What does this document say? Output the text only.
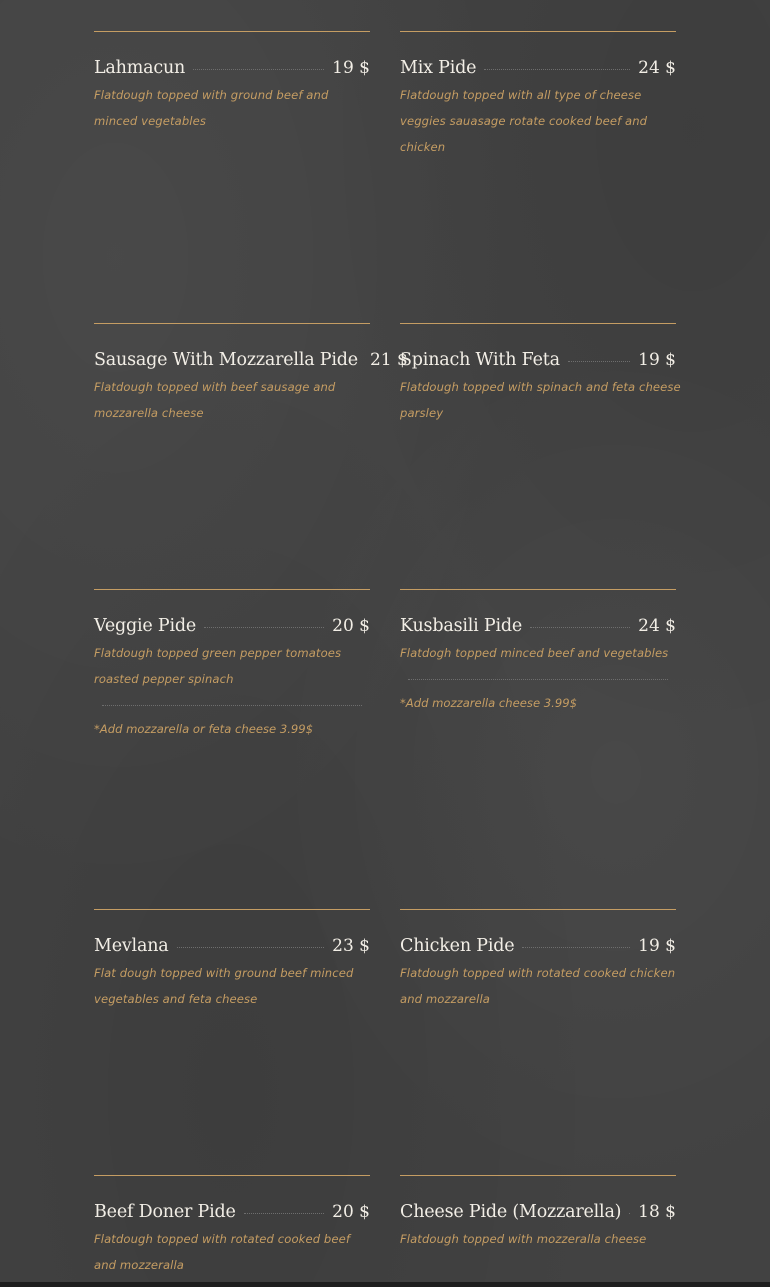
Lahmacun	19 $
Flatdough topped with ground beef and minced vegetables
Mix Pide	24 $
Flatdough topped with all type of cheese veggies sauasage rotate cooked beef and chicken
Sausage With Mozzarella Pide 21 $
Flatdough topped with beef sausage and mozzarella cheese
Spinach With Feta	19 $
Flatdough topped with spinach and feta cheese parsley
Veggie Pide	20 $
Flatdough topped green pepper tomatoes roasted pepper spinach
*Add mozzarella or feta cheese 3.99$
Kusbasili Pide	24 $
Flatdogh topped minced beef and vegetables
*Add mozzarella cheese 3.99$
Mevlana	23 $
Flat dough topped with ground beef minced vegetables and feta cheese
Chicken Pide	19 $
Flatdough topped with rotated cooked chicken and mozzarella
Beef Doner Pide	20 $
Flatdough topped with rotated cooked beef and mozzeralla
Cheese Pide (Mozzarella) 18 $
Flatdough topped with mozzeralla cheese
